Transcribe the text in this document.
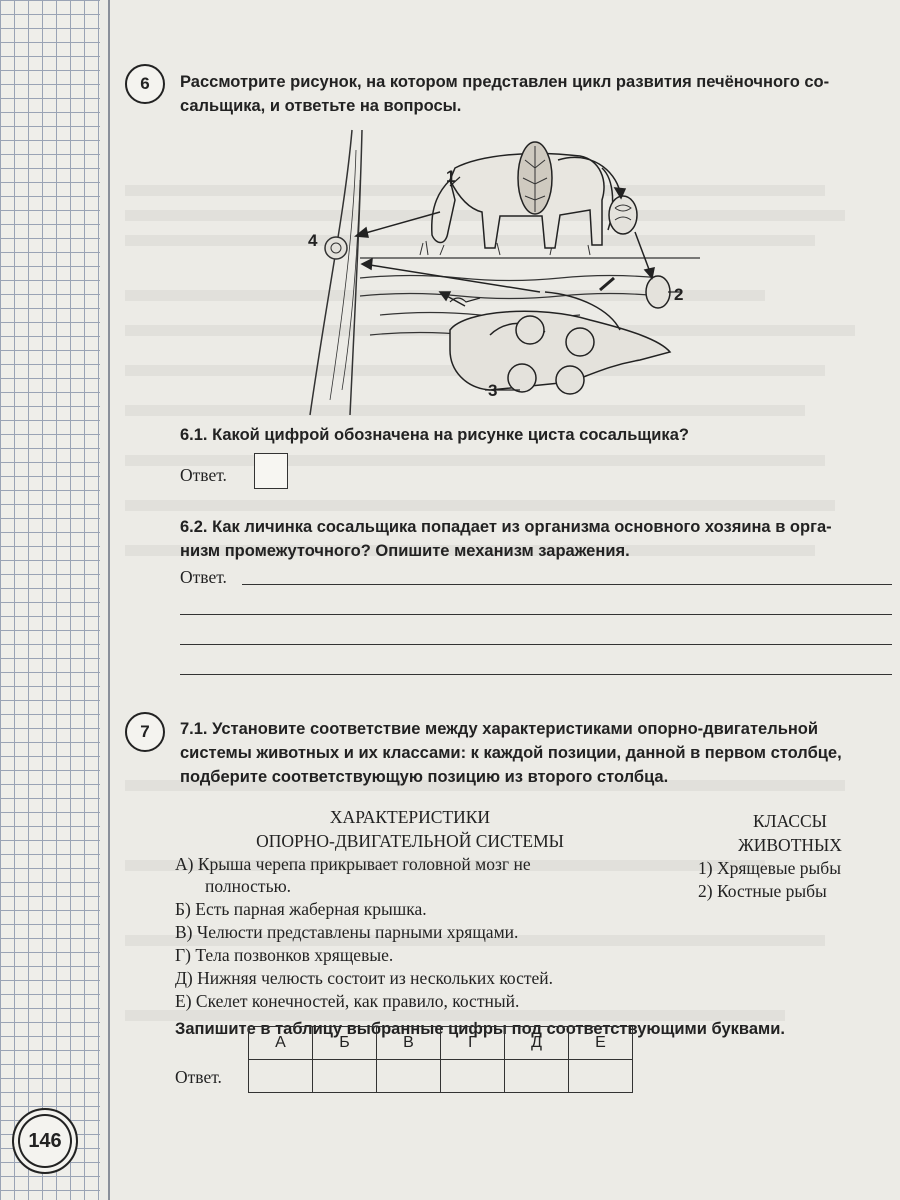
6	Рассмотрите рисунок, на котором представлен цикл развития печёночного со-
сальщика, и ответьте на вопросы.
1
2
3
4
6.1. Какой цифрой обозначена на рисунке циста сосальщика?
Ответ.
6.2. Как личинка сосальщика попадает из организма основного хозяина в орга-
низм промежуточного? Опишите механизм заражения.
Ответ.
7	7.1. Установите соответствие между характеристиками опорно-двигательной
системы животных и их классами: к каждой позиции, данной в первом столбце,
подберите соответствующую позицию из второго столбца.
ХАРАКТЕРИСТИКИ
ОПОРНО-ДВИГАТЕЛЬНОЙ СИСТЕМЫ
КЛАССЫ
ЖИВОТНЫХ
А) Крыша черепа прикрывает головной мозг не
полностью.
Б) Есть парная жаберная крышка.
В) Челюсти представлены парными хрящами.
Г) Тела позвонков хрящевые.
Д) Нижняя челюсть состоит из нескольких костей.
Е) Скелет конечностей, как правило, костный.
1) Хрящевые рыбы
2) Костные рыбы
Запишите в таблицу выбранные цифры под соответствующими буквами.
Ответ.
А	Б	В	Г	Д	Е

146
